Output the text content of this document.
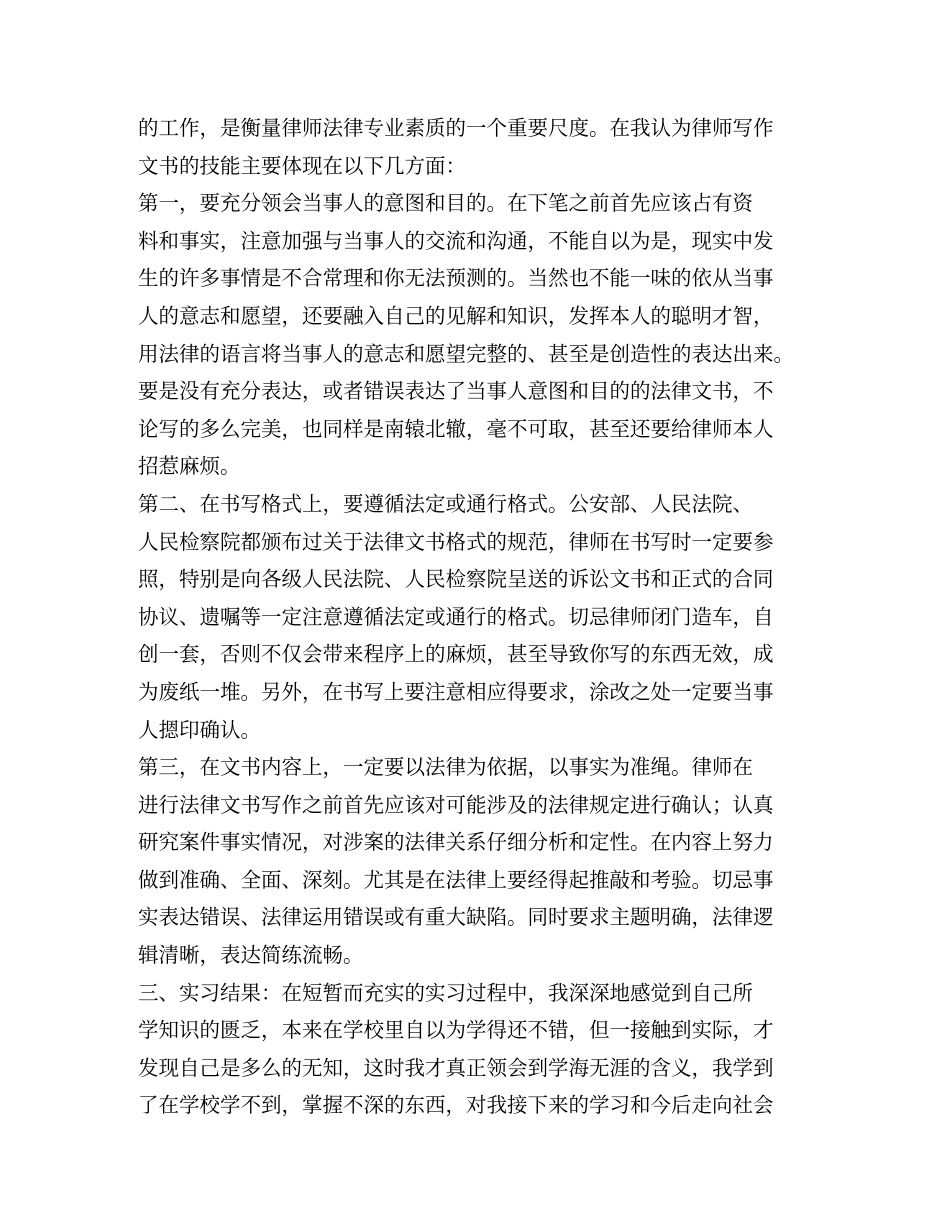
的工作，是衡量律师法律专业素质的一个重要尺度。在我认为律师写作
文书的技能主要体现在以下几方面：
第一，要充分领会当事人的意图和目的。在下笔之前首先应该占有资
料和事实，注意加强与当事人的交流和沟通，不能自以为是，现实中发
生的许多事情是不合常理和你无法预测的。当然也不能一味的依从当事
人的意志和愿望，还要融入自己的见解和知识，发挥本人的聪明才智，
用法律的语言将当事人的意志和愿望完整的、甚至是创造性的表达出来。
要是没有充分表达，或者错误表达了当事人意图和目的的法律文书，不
论写的多么完美，也同样是南辕北辙，毫不可取，甚至还要给律师本人
招惹麻烦。
第二、在书写格式上，要遵循法定或通行格式。公安部、人民法院、
人民检察院都颁布过关于法律文书格式的规范，律师在书写时一定要参
照，特别是向各级人民法院、人民检察院呈送的诉讼文书和正式的合同
协议、遗嘱等一定注意遵循法定或通行的格式。切忌律师闭门造车，自
创一套，否则不仅会带来程序上的麻烦，甚至导致你写的东西无效，成
为废纸一堆。另外，在书写上要注意相应得要求，涂改之处一定要当事
人摁印确认。
第三，在文书内容上，一定要以法律为依据，以事实为准绳。律师在
进行法律文书写作之前首先应该对可能涉及的法律规定进行确认；认真
研究案件事实情况，对涉案的法律关系仔细分析和定性。在内容上努力
做到准确、全面、深刻。尤其是在法律上要经得起推敲和考验。切忌事
实表达错误、法律运用错误或有重大缺陷。同时要求主题明确，法律逻
辑清晰，表达简练流畅。
三、实习结果：在短暂而充实的实习过程中，我深深地感觉到自己所
学知识的匮乏，本来在学校里自以为学得还不错，但一接触到实际，才
发现自己是多么的无知，这时我才真正领会到学海无涯的含义，我学到
了在学校学不到，掌握不深的东西，对我接下来的学习和今后走向社会
